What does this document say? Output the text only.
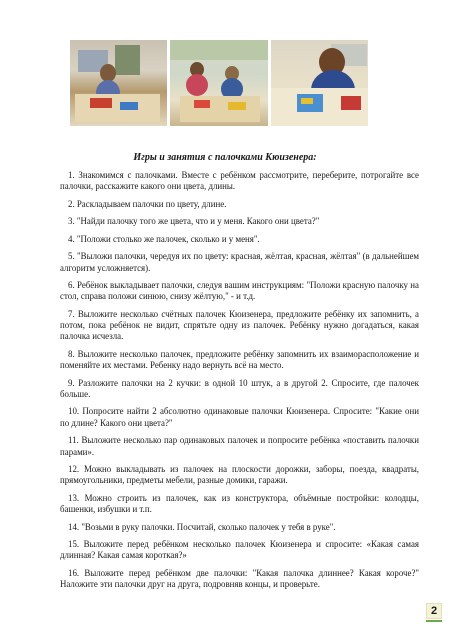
Игры и занятия с палочками Кюизенера:

1. Знакомимся с палочками. Вместе с ребёнком рассмотрите, переберите, потрогайте все палочки, расскажите какого они цвета, длины.

2. Раскладываем палочки по цвету, длине.

3. "Найди палочку того же цвета, что и у меня. Какого они цвета?"

4. "Положи столько же палочек, сколько и у меня".

5. "Выложи палочки, чередуя их по цвету: красная, жёлтая, красная, жёлтая" (в дальнейшем алгоритм усложняется).

6. Ребёнок выкладывает палочки, следуя вашим инструкциям: "Положи красную палочку на стол, справа положи синюю, снизу жёлтую," - и т.д.

7. Выложите несколько счётных палочек Кюизенера, предложите ребёнку их запомнить, а потом, пока ребёнок не видит, спрятьте одну из палочек. Ребёнку нужно догадаться, какая палочка исчезла.

8. Выложите несколько палочек, предложите ребёнку запомнить их взаиморасположение и поменяйте их местами. Ребенку надо вернуть всё на место.

9. Разложите палочки на 2 кучки: в одной 10 штук, а в другой 2. Спросите, где палочек больше.

10. Попросите найти 2 абсолютно одинаковые палочки Кюизенера. Спросите: "Какие они по длине? Какого они цвета?"

11. Выложите несколько пар одинаковых палочек и попросите ребёнка «поставить палочки парами».

12. Можно выкладывать из палочек на плоскости дорожки, заборы, поезда, квадраты, прямоугольники, предметы мебели, разные домики, гаражи.

13. Можно строить из палочек, как из конструктора, объёмные постройки: колодцы, башенки, избушки и т.п.

14. "Возьми в руку палочки. Посчитай, сколько палочек у тебя в руке".

15. Выложите перед ребёнком несколько палочек Кюизенера и спросите: «Какая самая длинная? Какая самая короткая?»

16. Выложите перед ребёнком две палочки: "Какая палочка длиннее? Какая короче?" Наложите эти палочки друг на друга, подровняв концы, и проверьте.

2
